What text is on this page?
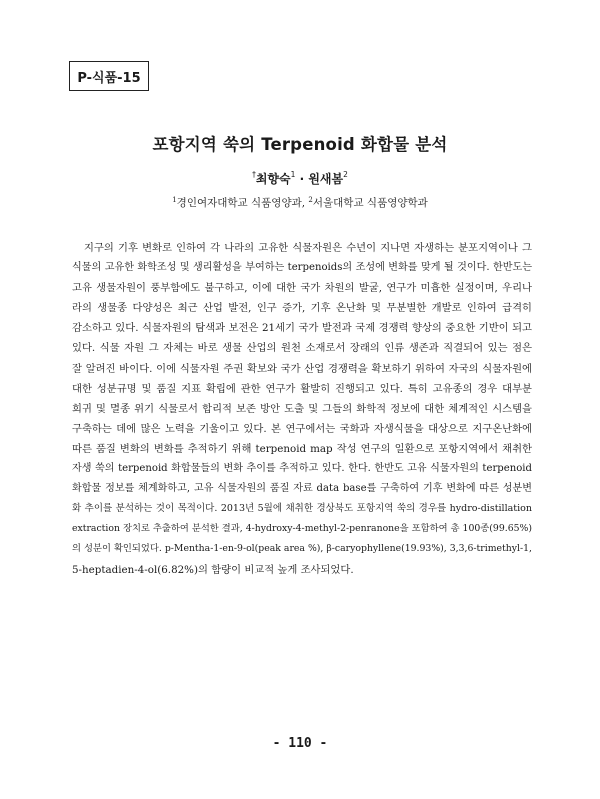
P-식품-15
포항지역 쑥의 Terpenoid 화합물 분석
†최향숙$^1$ · 원새봄$^2$
$^1$경인여자대학교 식품영양과, $^2$서울대학교 식품영양학과
지구의 기후 변화로 인하여 각 나라의 고유한 식물자원은 수년이 지나면 자생하는 분포지역이나 그
식물의 고유한 화학조성 및 생리활성을 부여하는 terpenoids의 조성에 변화를 맞게 될 것이다. 한반도는
고유 생물자원이 풍부함에도 불구하고, 이에 대한 국가 차원의 발굴, 연구가 미흡한 실정이며, 우리나
라의 생물종 다양성은 최근 산업 발전, 인구 증가, 기후 온난화 및 무분별한 개발로 인하여 급격히
감소하고 있다. 식물자원의 탐색과 보전은 21세기 국가 발전과 국제 경쟁력 향상의 중요한 기반이 되고
있다. 식물 자원 그 자체는 바로 생물 산업의 원천 소재로서 장래의 인류 생존과 직결되어 있는 점은
잘 알려진 바이다. 이에 식물자원 주권 확보와 국가 산업 경쟁력을 확보하기 위하여 자국의 식물자원에
대한 성분규명 및 품질 지표 확립에 관한 연구가 활발히 진행되고 있다. 특히 고유종의 경우 대부분
희귀 및 멸종 위기 식물로서 합리적 보존 방안 도출 및 그들의 화학적 정보에 대한 체계적인 시스템을
구축하는 데에 많은 노력을 기울이고 있다. 본 연구에서는 국화과 자생식물을 대상으로 지구온난화에
따른 품질 변화의 변화를 추적하기 위해 terpenoid map 작성 연구의 일환으로 포항지역에서 채취한
자생 쑥의 terpenoid 화합물들의 변화 추이를 추적하고 있다. 한다. 한반도 고유 식물자원의 terpenoid
화합물 정보를 체계화하고, 고유 식물자원의 품질 자료 data base를 구축하여 기후 변화에 따른 성분변
화 추이를 분석하는 것이 목적이다. 2013년 5월에 채취한 경상북도 포항지역 쑥의 경우를 hydro-distillation
extraction 장치로 추출하여 분석한 결과, 4-hydroxy-4-methyl-2-penranone을 포함하여 총 100종(99.65%)
의 성분이 확인되었다. p-Mentha-1-en-9-ol(peak area %), β-caryophyllene(19.93%), 3,3,6-trimethyl-1,
5-heptadien-4-ol(6.82%)의 함량이 비교적 높게 조사되었다.
- 110 -
